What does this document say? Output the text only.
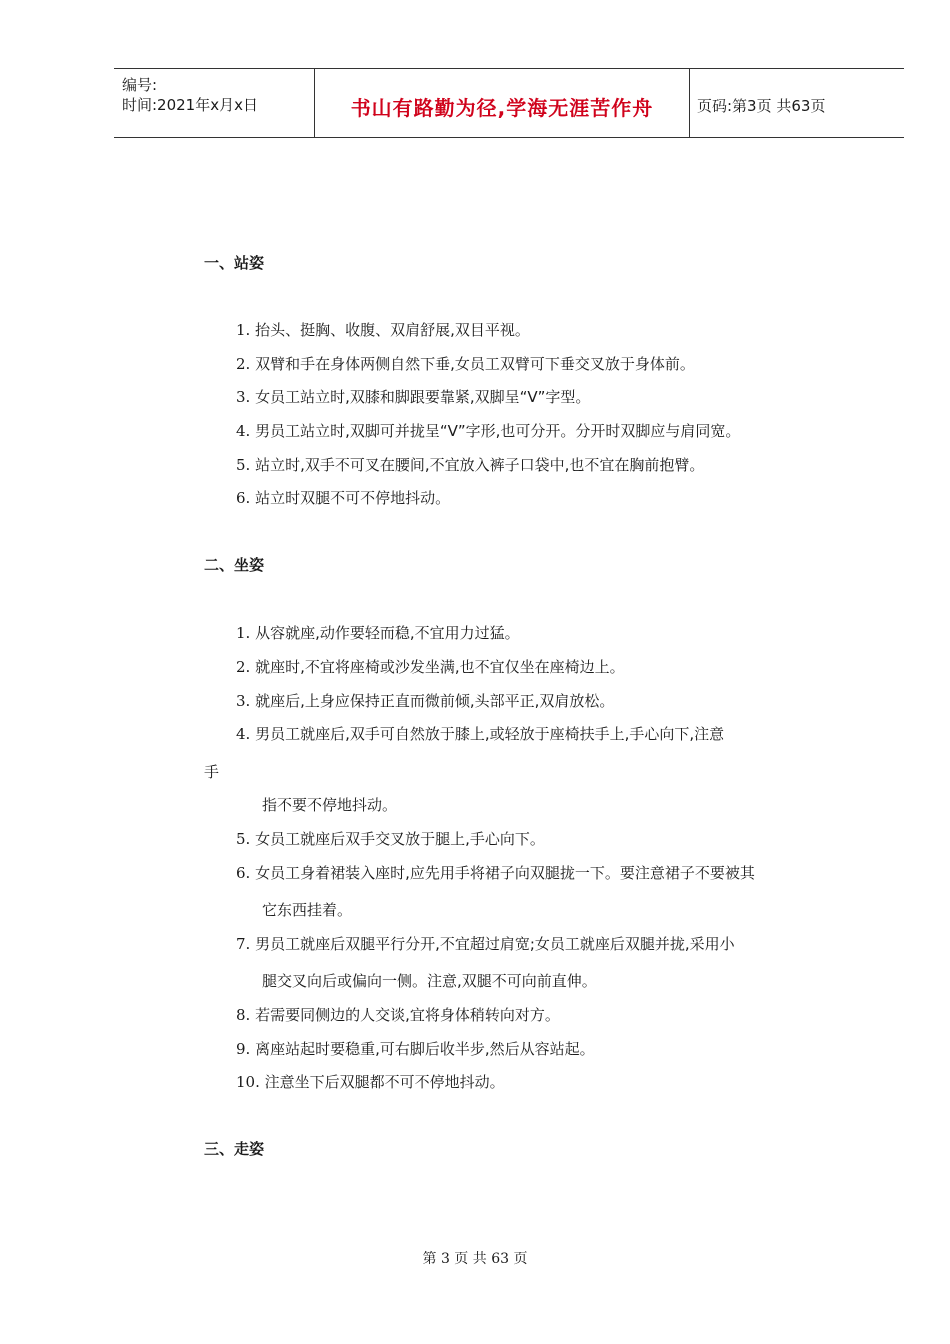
编号:
时间:2021年x月x日	书山有路勤为径,学海无涯苦作舟	页码:第3页 共63页
一、站姿
1. 抬头、挺胸、收腹、双肩舒展,双目平视。
2. 双臂和手在身体两侧自然下垂,女员工双臂可下垂交叉放于身体前。
3. 女员工站立时,双膝和脚跟要靠紧,双脚呈“V”字型。
4. 男员工站立时,双脚可并拢呈“V”字形,也可分开。分开时双脚应与肩同宽。
5. 站立时,双手不可叉在腰间,不宜放入裤子口袋中,也不宜在胸前抱臂。
6. 站立时双腿不可不停地抖动。
二、坐姿
1. 从容就座,动作要轻而稳,不宜用力过猛。
2. 就座时,不宜将座椅或沙发坐满,也不宜仅坐在座椅边上。
3. 就座后,上身应保持正直而微前倾,头部平正,双肩放松。
4. 男员工就座后,双手可自然放于膝上,或轻放于座椅扶手上,手心向下,注意
手
指不要不停地抖动。
5. 女员工就座后双手交叉放于腿上,手心向下。
6. 女员工身着裙装入座时,应先用手将裙子向双腿拢一下。要注意裙子不要被其
它东西挂着。
7. 男员工就座后双腿平行分开,不宜超过肩宽;女员工就座后双腿并拢,采用小
腿交叉向后或偏向一侧。注意,双腿不可向前直伸。
8. 若需要同侧边的人交谈,宜将身体稍转向对方。
9. 离座站起时要稳重,可右脚后收半步,然后从容站起。
10. 注意坐下后双腿都不可不停地抖动。
三、走姿
第 3 页 共 63 页
